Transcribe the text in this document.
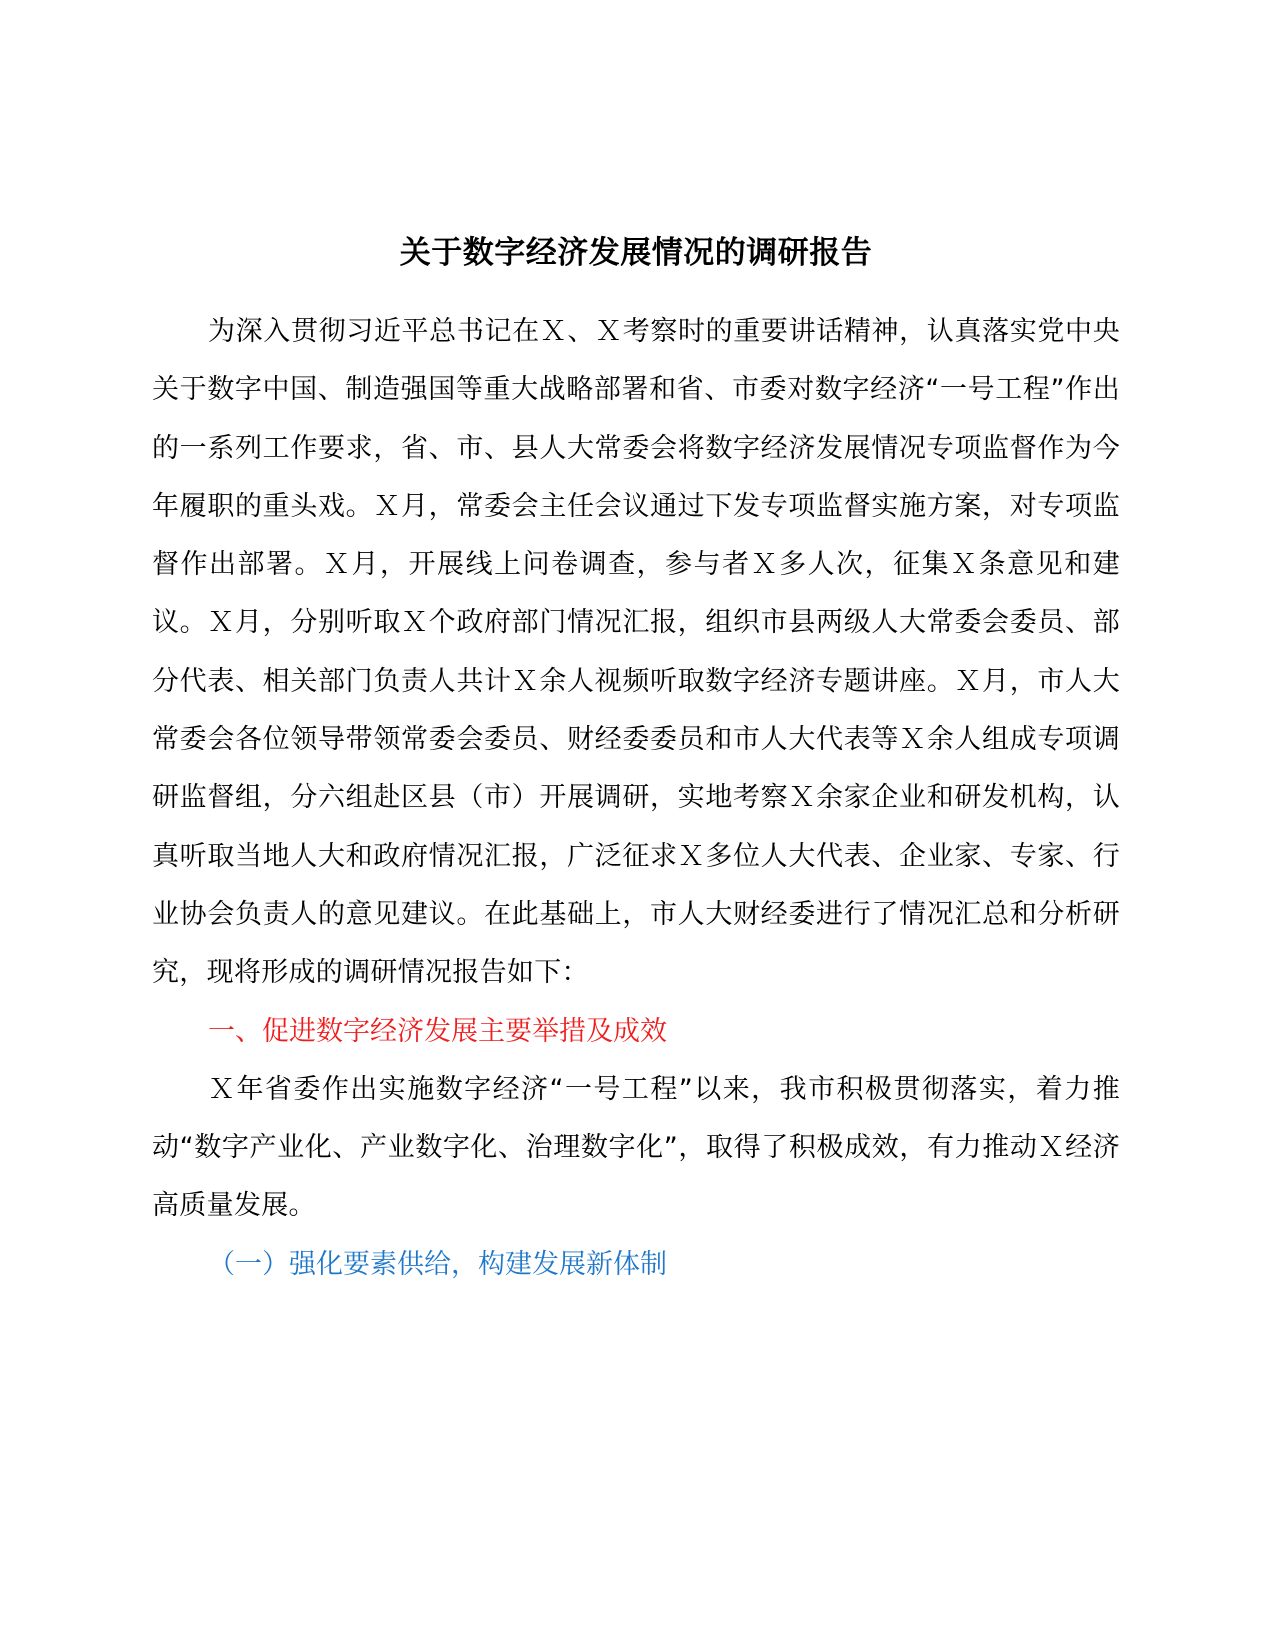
关于数字经济发展情况的调研报告

为深入贯彻习近平总书记在Ｘ、Ｘ考察时的重要讲话精神，认真落实党中央关于数字中国、制造强国等重大战略部署和省、市委对数字经济“一号工程”作出的一系列工作要求，省、市、县人大常委会将数字经济发展情况专项监督作为今年履职的重头戏。Ｘ月，常委会主任会议通过下发专项监督实施方案，对专项监督作出部署。Ｘ月，开展线上问卷调查，参与者Ｘ多人次，征集Ｘ条意见和建议。Ｘ月，分别听取Ｘ个政府部门情况汇报，组织市县两级人大常委会委员、部分代表、相关部门负责人共计Ｘ余人视频听取数字经济专题讲座。Ｘ月，市人大常委会各位领导带领常委会委员、财经委委员和市人大代表等Ｘ余人组成专项调研监督组，分六组赴区县（市）开展调研，实地考察Ｘ余家企业和研发机构，认真听取当地人大和政府情况汇报，广泛征求Ｘ多位人大代表、企业家、专家、行业协会负责人的意见建议。在此基础上，市人大财经委进行了情况汇总和分析研究，现将形成的调研情况报告如下：

一、促进数字经济发展主要举措及成效

Ｘ年省委作出实施数字经济“一号工程”以来，我市积极贯彻落实，着力推动“数字产业化、产业数字化、治理数字化”，取得了积极成效，有力推动Ｘ经济高质量发展。

（一）强化要素供给，构建发展新体制
